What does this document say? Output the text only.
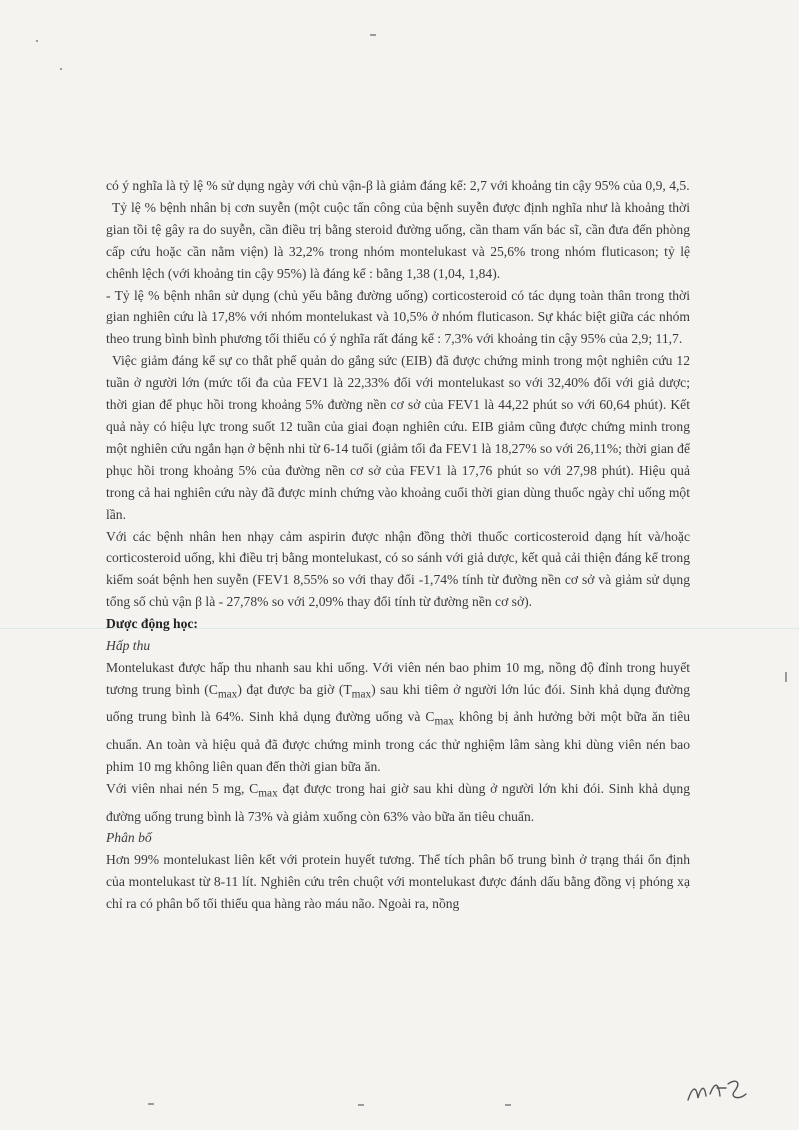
có ý nghĩa là tỷ lệ % sử dụng ngày với chủ vận-β là giảm đáng kể: 2,7 với khoảng tin cậy 95% của 0,9, 4,5.

Tỷ lệ % bệnh nhân bị cơn suyễn (một cuộc tấn công của bệnh suyễn được định nghĩa như là khoảng thời gian tồi tệ gây ra do suyễn, cần điều trị bằng steroid đường uống, cần tham vấn bác sĩ, cần đưa đến phòng cấp cứu hoặc cần nằm viện) là 32,2% trong nhóm montelukast và 25,6% trong nhóm fluticason; tỷ lệ chênh lệch (với khoảng tin cậy 95%) là đáng kể : bằng 1,38 (1,04, 1,84).

- Tỷ lệ % bệnh nhân sử dụng (chủ yếu bằng đường uống) corticosteroid có tác dụng toàn thân trong thời gian nghiên cứu là 17,8% với nhóm montelukast và 10,5% ở nhóm fluticason. Sự khác biệt giữa các nhóm theo trung bình bình phương tối thiểu có ý nghĩa rất đáng kể : 7,3% với khoảng tin cậy 95% của 2,9; 11,7.

Việc giảm đáng kể sự co thắt phế quản do gắng sức (EIB) đã được chứng minh trong một nghiên cứu 12 tuần ở người lớn (mức tối đa của FEV1 là 22,33% đối với montelukast so với 32,40% đối với giả dược; thời gian để phục hồi trong khoảng 5% đường nền cơ sở của FEV1 là 44,22 phút so với 60,64 phút). Kết quả này có hiệu lực trong suốt 12 tuần của giai đoạn nghiên cứu. EIB giảm cũng được chứng minh trong một nghiên cứu ngắn hạn ở bệnh nhi từ 6-14 tuổi (giảm tối đa FEV1 là 18,27% so với 26,11%; thời gian để phục hồi trong khoảng 5% của đường nền cơ sở của FEV1 là 17,76 phút so với 27,98 phút). Hiệu quả trong cả hai nghiên cứu này đã được minh chứng vào khoảng cuối thời gian dùng thuốc ngày chỉ uống một lần.

Với các bệnh nhân hen nhạy cảm aspirin được nhận đồng thời thuốc corticosteroid dạng hít và/hoặc corticosteroid uống, khi điều trị bằng montelukast, có so sánh với giả dược, kết quả cải thiện đáng kể trong kiểm soát bệnh hen suyễn (FEV1 8,55% so với thay đổi -1,74% tính từ đường nền cơ sở và giảm sử dụng tổng số chủ vận β là - 27,78% so với 2,09% thay đổi tính từ đường nền cơ sở).

Dược động học:

Hấp thu

Montelukast được hấp thu nhanh sau khi uống. Với viên nén bao phim 10 mg, nồng độ đỉnh trong huyết tương trung bình $(C_{max})$ đạt được ba giờ $(T_{max})$ sau khi tiêm ở người lớn lúc đói. Sinh khả dụng đường uống trung bình là 64%. Sinh khả dụng đường uống và $C_{max}$ không bị ảnh hưởng bởi một bữa ăn tiêu chuẩn. An toàn và hiệu quả đã được chứng minh trong các thử nghiệm lâm sàng khi dùng viên nén bao phim 10 mg không liên quan đến thời gian bữa ăn.

Với viên nhai nén 5 mg, $C_{max}$ đạt được trong hai giờ sau khi dùng ở người lớn khi đói. Sinh khả dụng đường uống trung bình là 73% và giảm xuống còn 63% vào bữa ăn tiêu chuẩn.

Phân bố

Hơn 99% montelukast liên kết với protein huyết tương. Thể tích phân bố trung bình ở trạng thái ổn định của montelukast từ 8-11 lít. Nghiên cứu trên chuột với montelukast được đánh dấu bằng đồng vị phóng xạ chỉ ra có phân bố tối thiểu qua hàng rào máu não. Ngoài ra, nồng
